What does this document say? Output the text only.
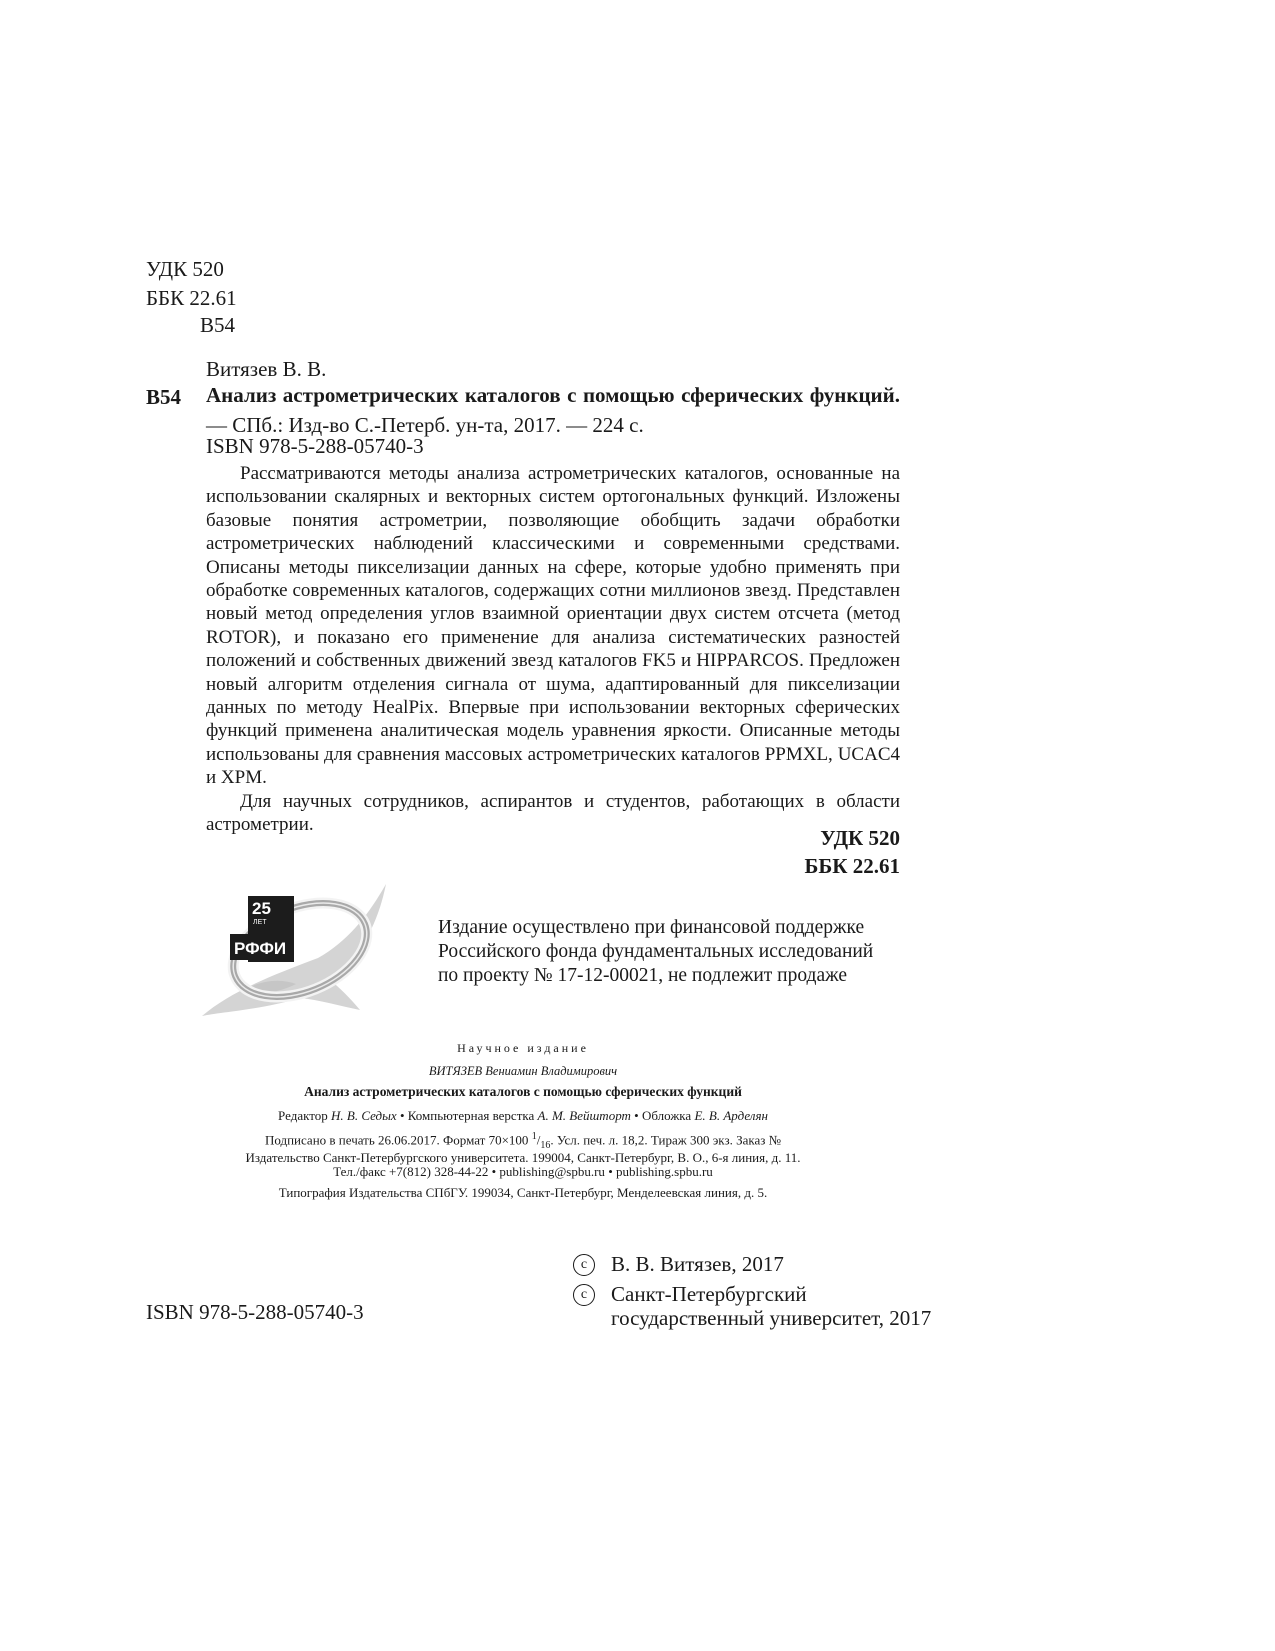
УДК 520
ББК 22.61
В54
Витязев В. В.
В54 Анализ астрометрических каталогов с помощью сферических функций. — СПб.: Изд-во С.-Петерб. ун-та, 2017. — 224 с.
ISBN 978-5-288-05740-3

Рассматриваются методы анализа астрометрических каталогов, основанные на использовании скалярных и векторных систем ортогональных функций. Изложены базовые понятия астрометрии, позволяющие обобщить задачи обработки астрометрических наблюдений классическими и современными средствами. Описаны методы пикселизации данных на сфере, которые удобно применять при обработке современных каталогов, содержащих сотни миллионов звезд. Представлен новый метод определения углов взаимной ориентации двух систем отсчета (метод ROTOR), и показано его применение для анализа систематических разностей положений и собственных движений звезд каталогов FK5 и HIPPARCOS. Предложен новый алгоритм отделения сигнала от шума, адаптированный для пикселизации данных по методу HealPix. Впервые при использовании векторных сферических функций применена аналитическая модель уравнения яркости. Описанные методы использованы для сравнения массовых астрометрических каталогов PPMXL, UCAC4 и XPM.

Для научных сотрудников, аспирантов и студентов, работающих в области астрометрии.

УДК 520
ББК 22.61
25
ЛЕТ
РФФИ
Издание осуществлено при финансовой поддержке
Российского фонда фундаментальных исследований
по проекту № 17-12-00021, не подлежит продаже
Научное издание
ВИТЯЗЕВ Вениамин Владимирович
Анализ астрометрических каталогов с помощью сферических функций
Редактор Н. В. Седых • Компьютерная верстка А. М. Вейшторт • Обложка Е. В. Арделян
Подписано в печать 26.06.2017. Формат 70×100 $^1/_{16}$. Усл. печ. л. 18,2. Тираж 300 экз. Заказ №
Издательство Санкт-Петербургского университета. 199004, Санкт-Петербург, В. О., 6-я линия, д. 11.
Тел./факс +7(812) 328-44-22 • publishing@spbu.ru • publishing.spbu.ru
Типография Издательства СПбГУ. 199034, Санкт-Петербург, Менделеевская линия, д. 5.
ISBN 978-5-288-05740-3
c	В. В. Витязев, 2017
c	Санкт-Петербургский
государственный университет, 2017
